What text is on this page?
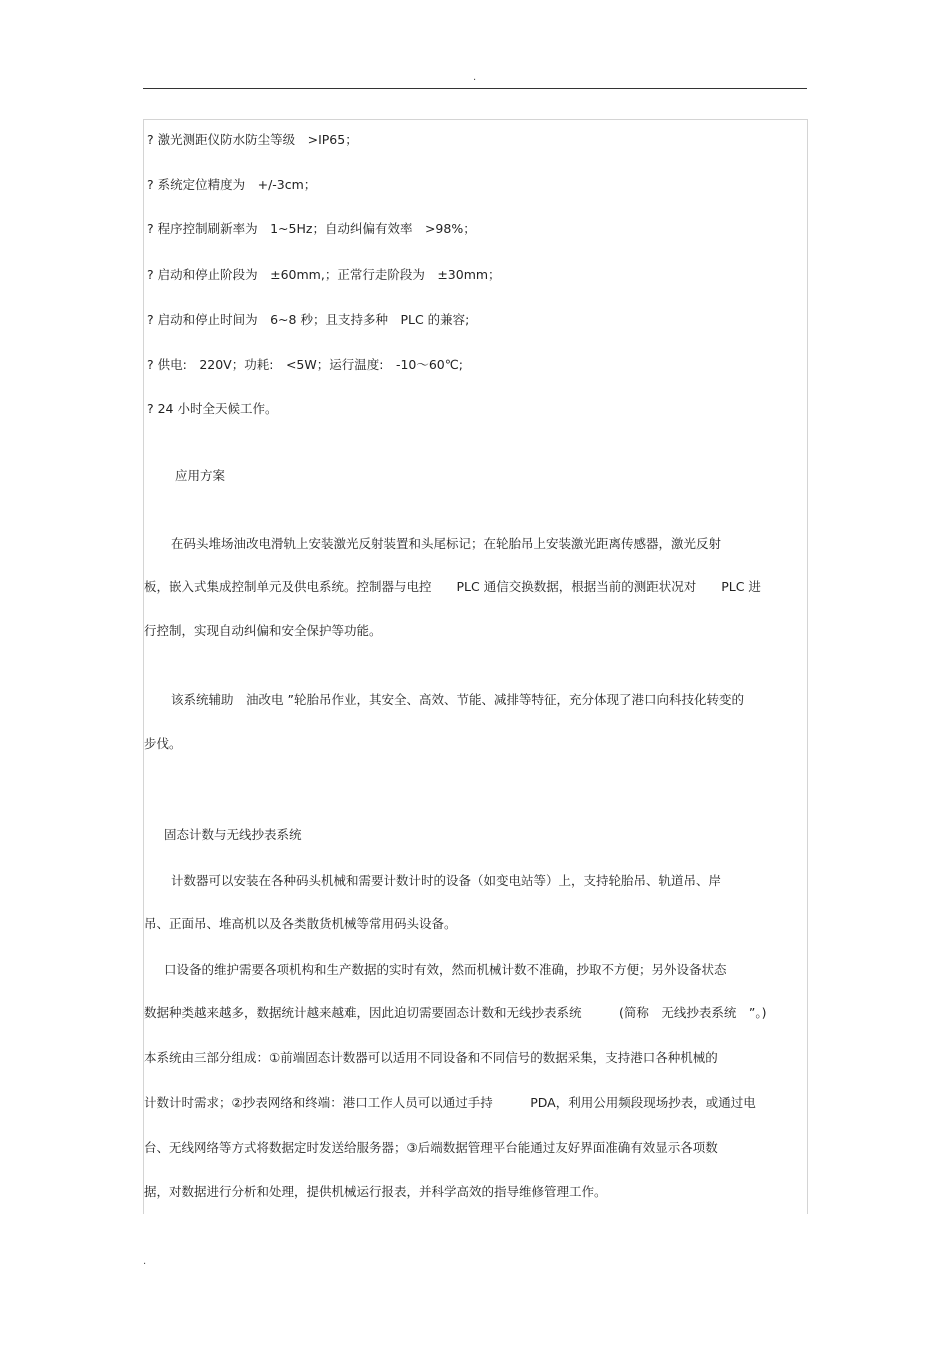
.
? 激光测距仪防水防尘等级　>IP65；
? 系统定位精度为　+/-3cm；
? 程序控制刷新率为　1~5Hz；自动纠偏有效率　>98%；
? 启动和停止阶段为　±60mm,；正常行走阶段为　±30mm；
? 启动和停止时间为　6~8 秒；且支持多种　PLC 的兼容;
? 供电:　220V；功耗:　<5W；运行温度:　-10～60℃;
? 24 小时全天候工作。
应用方案
在码头堆场油改电滑轨上安装激光反射装置和头尾标记；在轮胎吊上安装激光距离传感器，激光反射
板，嵌入式集成控制单元及供电系统。控制器与电控　　PLC 通信交换数据，根据当前的测距状况对　　PLC 进
行控制，实现自动纠偏和安全保护等功能。
该系统辅助　油改电 ”轮胎吊作业，其安全、高效、节能、减排等特征，充分体现了港口向科技化转变的
步伐。
固态计数与无线抄表系统
计数器可以安装在各种码头机械和需要计数计时的设备（如变电站等）上，支持轮胎吊、轨道吊、岸
吊、正面吊、堆高机以及各类散货机械等常用码头设备。
口设备的维护需要各项机构和生产数据的实时有效，然而机械计数不准确，抄取不方便；另外设备状态
数据种类越来越多，数据统计越来越难，因此迫切需要固态计数和无线抄表系统　　　(简称　无线抄表系统　”。)
本系统由三部分组成：①前端固态计数器可以适用不同设备和不同信号的数据采集，支持港口各种机械的
计数计时需求；②抄表网络和终端：港口工作人员可以通过手持　　　PDA，利用公用频段现场抄表，或通过电
台、无线网络等方式将数据定时发送给服务器；③后端数据管理平台能通过友好界面准确有效显示各项数
据，对数据进行分析和处理，提供机械运行报表，并科学高效的指导维修管理工作。
.
